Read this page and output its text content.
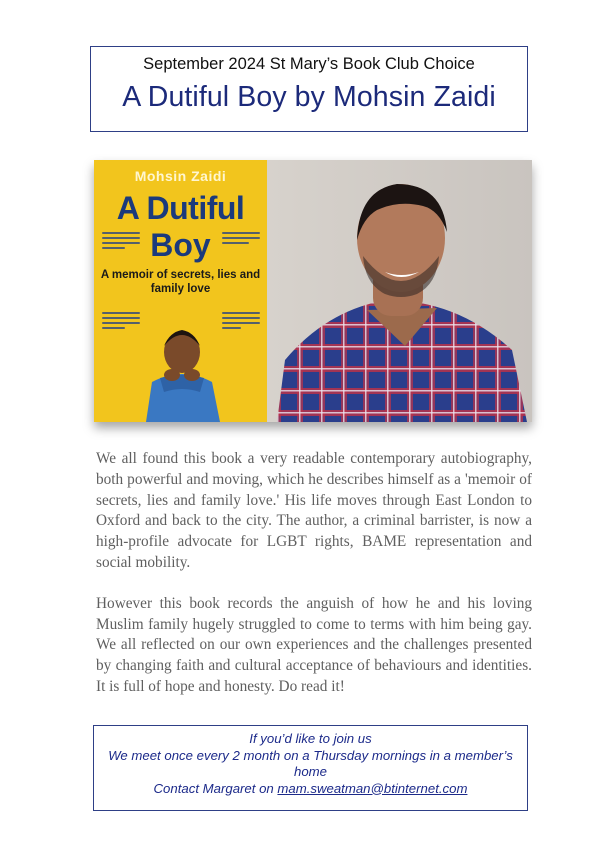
September 2024 St Mary’s Book Club Choice
A Dutiful Boy by Mohsin Zaidi
Mohsin Zaidi
A Dutiful
Boy
A memoir of secrets, lies and family love

We all found this book a very readable contemporary autobiography, both powerful and moving, which he describes himself as a 'memoir of secrets, lies and family love.' His life moves through East London to Oxford and back to the city. The author, a criminal barrister, is now a high-profile advocate for LGBT rights, BAME representation and social mobility.

However this book records the anguish of how he and his loving Muslim family hugely struggled to come to terms with him being gay. We all reflected on our own experiences and the challenges presented by changing faith and cultural acceptance of behaviours and identities. It is full of hope and honesty. Do read it!

If you’d like to join us
We meet once every 2 month on a Thursday mornings in a member’s home
Contact Margaret on mam.sweatman@btinternet.com
